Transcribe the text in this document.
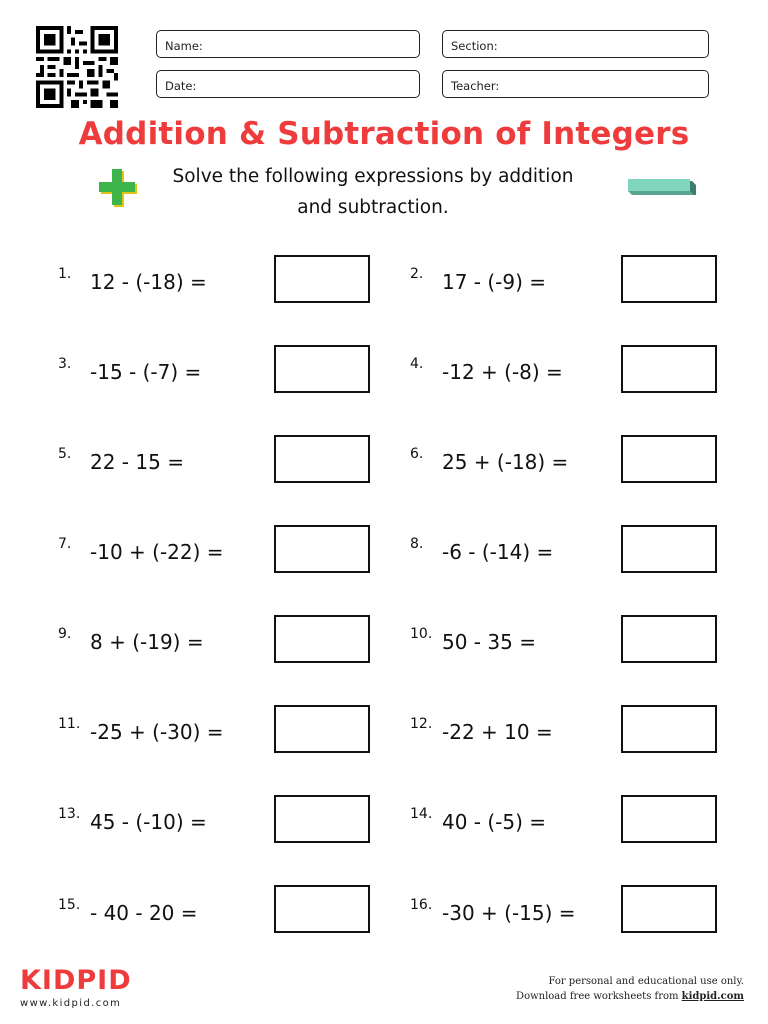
Name:	Section:
Date:	Teacher:
Addition & Subtraction of Integers
Solve the following expressions by addition
and subtraction.
1. 12 - (-18) =	2. 17 - (-9) =
3. -15 - (-7) =	4. -12 + (-8) =
5. 22 - 15 =	6. 25 + (-18) =
7. -10 + (-22) =	8. -6 - (-14) =
9. 8 + (-19) =	10. 50 - 35 =
11. -25 + (-30) =	12. -22 + 10 =
13. 45 - (-10) =	14. 40 - (-5) =
15. - 40 - 20 =	16. -30 + (-15) =
KIDPID
www.kidpid.com
For personal and educational use only.
Download free worksheets from kidpid.com
